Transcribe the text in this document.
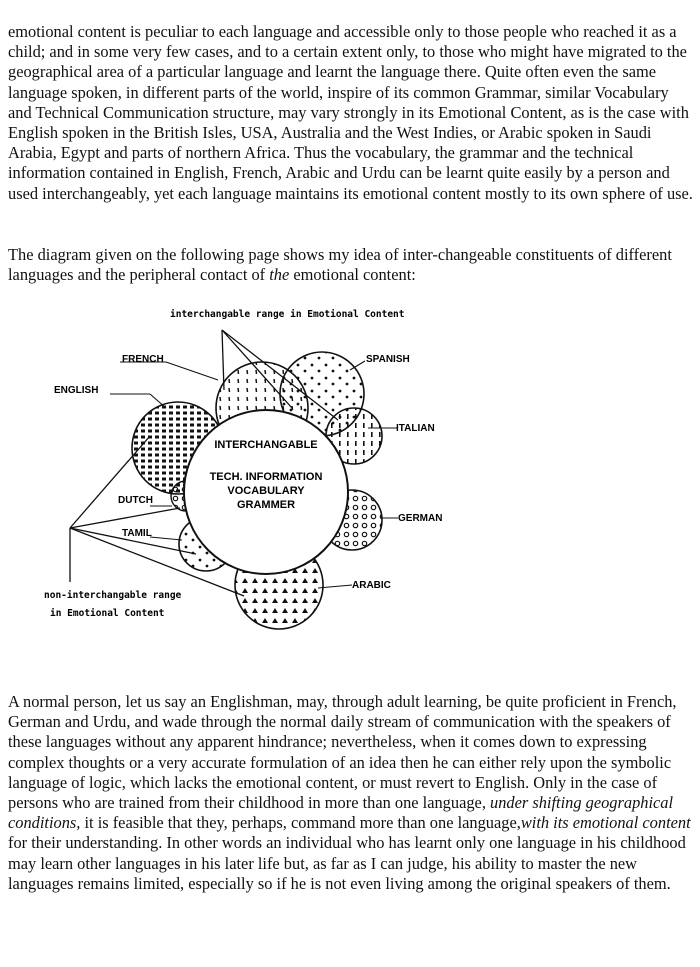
emotional content is peculiar to each language and accessible only to those people who reached it as a child; and in some very few cases, and to a certain extent only, to those who might have migrated to the geographical area of a particular language and learnt the language there. Quite often even the same language spoken, in different parts of the world, inspire of its common Grammar, similar Vocabulary and Technical Communication structure, may vary strongly in its Emotional Content, as is the case with English spoken in the British Isles, USA, Australia and the West Indies, or Arabic spoken in Saudi Arabia, Egypt and parts of northern Africa. Thus the vocabulary, the grammar and the technical information contained in English, French, Arabic and Urdu can be learnt quite easily by a person and used interchangeably, yet each language maintains its emotional content mostly to its own sphere of use.

The diagram given on the following page shows my idea of inter-changeable constituents of different languages and the peripheral contact of the emotional content:

interchangable range in Emotional Content
non-interchangable range
in Emotional Content
FRENCH	SPANISH
ENGLISH
ITALIAN
DUTCH
GERMAN
TAMIL
ARABIC
INTERCHANGABLE
TECH. INFORMATION
VOCABULARY
GRAMMER

A normal person, let us say an Englishman, may, through adult learning, be quite proficient in French, German and Urdu, and wade through the normal daily stream of communication with the speakers of these languages without any apparent hindrance; nevertheless, when it comes down to expressing complex thoughts or a very accurate formulation of an idea then he can either rely upon the symbolic language of logic, which lacks the emotional content, or must revert to English. Only in the case of persons who are trained from their childhood in more than one language, under shifting geographical conditions, it is feasible that they, perhaps, command more than one language,with its emotional content for their understanding. In other words an individual who has learnt only one language in his childhood may learn other languages in his later life but, as far as I can judge, his ability to master the new languages remains limited, especially so if he is not even living among the original speakers of them.
